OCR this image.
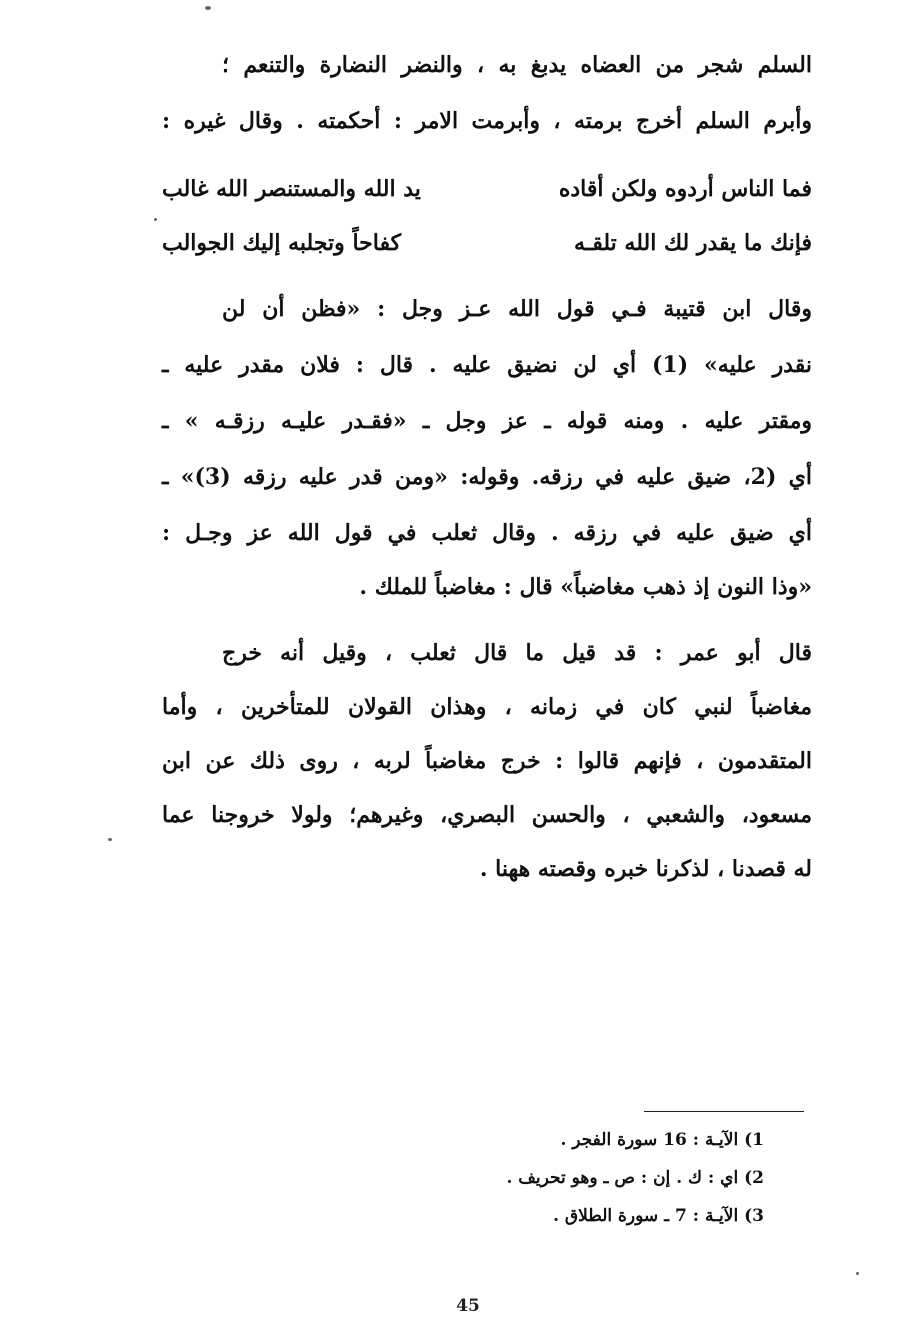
السلم شجر من العضاه يدبغ به ، والنضر النضارة والتنعم ؛
وأبرم السلم أخرج برمته ، وأبرمت الامر : أحكمته . وقال غيره :
فما الناس أردوه ولكن أقاده
يد الله والمستنصر الله غالب
فإنك ما يقدر لك الله تلقـه
كفاحاً وتجلبه إليك الجوالب
وقال ابن قتيبة فـي قول الله عـز وجل : «فظن أن لن
نقدر عليه» (1) أي لن نضيق عليه . قال : فلان مقدر عليه ـ
ومقتر عليه . ومنه قوله ـ عز وجل ـ «فقـدر عليـه رزقـه » ـ
أي (2، ضيق عليه في رزقه. وقوله: «ومن قدر عليه رزقه (3)» ـ
أي ضيق عليه في رزقه . وقال ثعلب في قول الله عز وجـل :
«وذا النون إذ ذهب مغاضباً» قال : مغاضباً للملك .
قال أبو عمر : قد قيل ما قال ثعلب ، وقيل أنه خرج
مغاضباً لنبي كان في زمانه ، وهذان القولان للمتأخرين ، وأما
المتقدمون ، فإنهم قالوا : خرج مغاضباً لربه ، روى ذلك عن ابن
مسعود، والشعبي ، والحسن البصري، وغيرهم؛ ولولا خروجنا عما
له قصدنا ، لذكرنا خبره وقصته ههنا .
1) الآيـة : 16 سورة الفجر .
2) اي : ك . إن : ص ـ وهو تحريف .
3) الآيـة : 7 ـ سورة الطلاق .
45
